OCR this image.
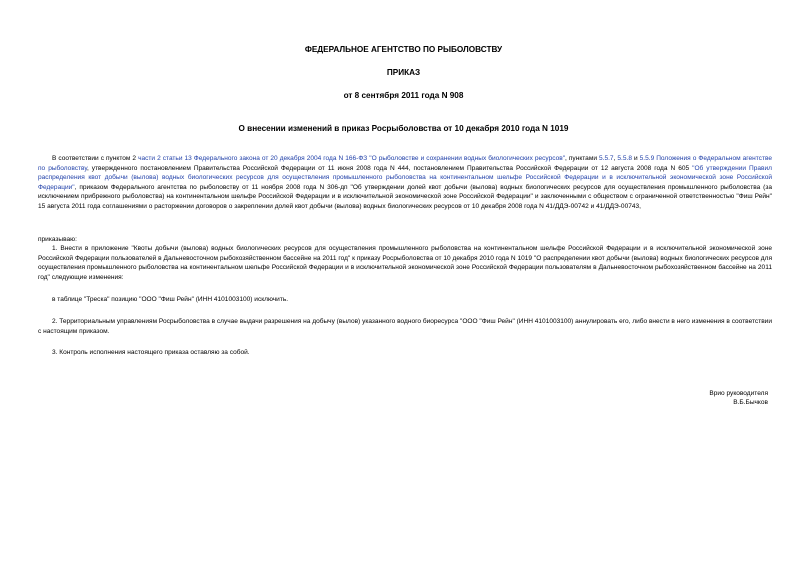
ФЕДЕРАЛЬНОЕ АГЕНТСТВО ПО РЫБОЛОВСТВУ
ПРИКАЗ
от 8 сентября 2011 года N 908
О внесении изменений в приказ Росрыболовства от 10 декабря 2010 года N 1019
В соответствии с пунктом 2 части 2 статьи 13 Федерального закона от 20 декабря 2004 года N 166-ФЗ "О рыболовстве и сохранении водных биологических ресурсов", пунктами 5.5.7, 5.5.8 и 5.5.9 Положения о Федеральном агентстве по рыболовству, утвержденного постановлением Правительства Российской Федерации от 11 июня 2008 года N 444, постановлением Правительства Российской Федерации от 12 августа 2008 года N 605 "Об утверждении Правил распределения квот добычи (вылова) водных биологических ресурсов для осуществления промышленного рыболовства на континентальном шельфе Российской Федерации и в исключительной экономической зоне Российской Федерации", приказом Федерального агентства по рыболовству от 11 ноября 2008 года N 306-дп "Об утверждении долей квот добычи (вылова) водных биологических ресурсов для осуществления промышленного рыболовства (за исключением прибрежного рыболовства) на континентальном шельфе Российской Федерации и в исключительной экономической зоне Российской Федерации" и заключенными с обществом с ограниченной ответственностью "Фиш Рейн" 15 августа 2011 года соглашениями о расторжении договоров о закреплении долей квот добычи (вылова) водных биологических ресурсов от 10 декабря 2008 года N 41/ДДЭ-00742 и 41/ДДЭ-00743,
приказываю:
1. Внести в приложение "Квоты добычи (вылова) водных биологических ресурсов для осуществления промышленного рыболовства на континентальном шельфе Российской Федерации и в исключительной экономической зоне Российской Федерации пользователей в Дальневосточном рыбохозяйственном бассейне на 2011 год" к приказу Росрыболовства от 10 декабря 2010 года N 1019 "О распределении квот добычи (вылова) водных биологических ресурсов для осуществления промышленного рыболовства на континентальном шельфе Российской Федерации и в исключительной экономической зоне Российской Федерации пользователям в Дальневосточном рыбохозяйственном бассейне на 2011 год" следующие изменения:
в таблице "Треска" позицию "ООО "Фиш Рейн" (ИНН 4101003100) исключить.
2. Территориальным управлениям Росрыболовства в случае выдачи разрешения на добычу (вылов) указанного водного биоресурса "ООО "Фиш Рейн" (ИНН 4101003100) аннулировать его, либо внести в него изменения в соответствии с настоящим приказом.
3. Контроль исполнения настоящего приказа оставляю за собой.
Врио руководителя
В.Б.Бычков
